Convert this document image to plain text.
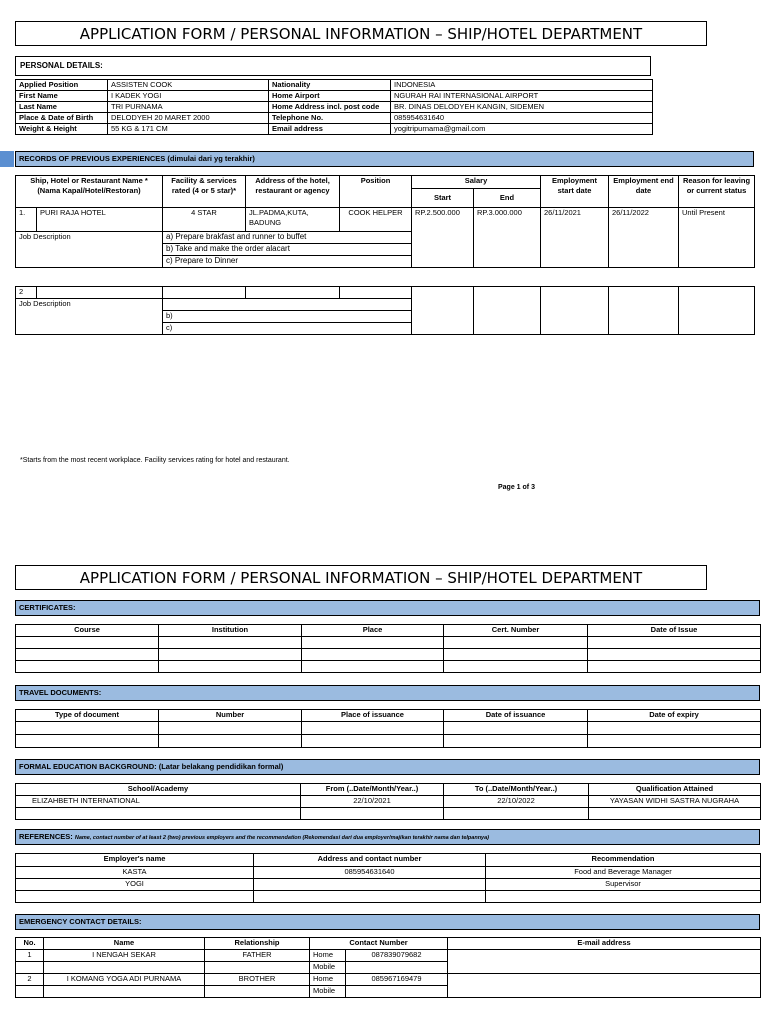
APPLICATION FORM / PERSONAL INFORMATION – SHIP/HOTEL DEPARTMENT
PERSONAL DETAILS:
Applied Position	ASSISTEN COOK	Nationality	INDONESIA
First Name	I KADEK YOGI	Home Airport	NGURAH RAI INTERNASIONAL AIRPORT
Last Name	TRI PURNAMA	Home Address incl. post code	BR. DINAS DELODYEH KANGIN, SIDEMEN
Place & Date of Birth	DELODYEH 20 MARET 2000	Telephone No.	085954631640
Weight & Height	55 KG & 171 CM	Email address	yogitripurnama@gmail.com
RECORDS OF PREVIOUS EXPERIENCES (dimulai dari yg terakhir)
Ship, Hotel or Restaurant Name *
(Nama Kapal/Hotel/Restoran)		Facility & services rated (4 or 5 star)*	Address of the hotel, restaurant or agency	Position	Salary		Employment start date	Employment end date	Reason for leaving or current status
					Start	End			
1.	PURI RAJA HOTEL	4 STAR	JL.PADMA,KUTA, BADUNG	COOK HELPER	RP.2.500.000	RP.3.000.000	26/11/2021	26/11/2022	Until Present

Job Description		a) Prepare brakfast and runner to buffet							
		b) Take and make the order alacart							
		c) Prepare to Dinner							
2									

Job Description									

		b)							
		c)							
*Starts from the most recent workplace. Facility services rating for hotel and restaurant.
Page 1 of 3
APPLICATION FORM / PERSONAL INFORMATION – SHIP/HOTEL DEPARTMENT
CERTIFICATES:
Course	Institution	Place	Cert. Number	Date of Issue

TRAVEL DOCUMENTS:
Type of document	Number	Place of issuance	Date of issuance	Date of expiry

FORMAL EDUCATION BACKGROUND: (Latar belakang pendidikan formal)
School/Academy	From (..Date/Month/Year..)	To (..Date/Month/Year..)	Qualification Attained
ELIZAHBETH INTERNATIONAL	22/10/2021	22/10/2022	YAYASAN WIDHI SASTRA NUGRAHA

REFERENCES: Name, contact number of at least 2 (two) previous employers and the recommendation (Rekomendasi dari dua employer/majikan terakhir nama dan telpannya)
Employer's name	Address and contact number	Recommendation
KASTA	085954631640	Food and Beverage Manager
YOGI		Supervisor

EMERGENCY CONTACT DETAILS:
No.	Name	Relationship	Contact Number		E-mail address
1	I NENGAH SEKAR	FATHER	Home	087839079682	
			Mobile		
2	I KOMANG YOGA ADI PURNAMA	BROTHER	Home	085967169479	
			Mobile		
